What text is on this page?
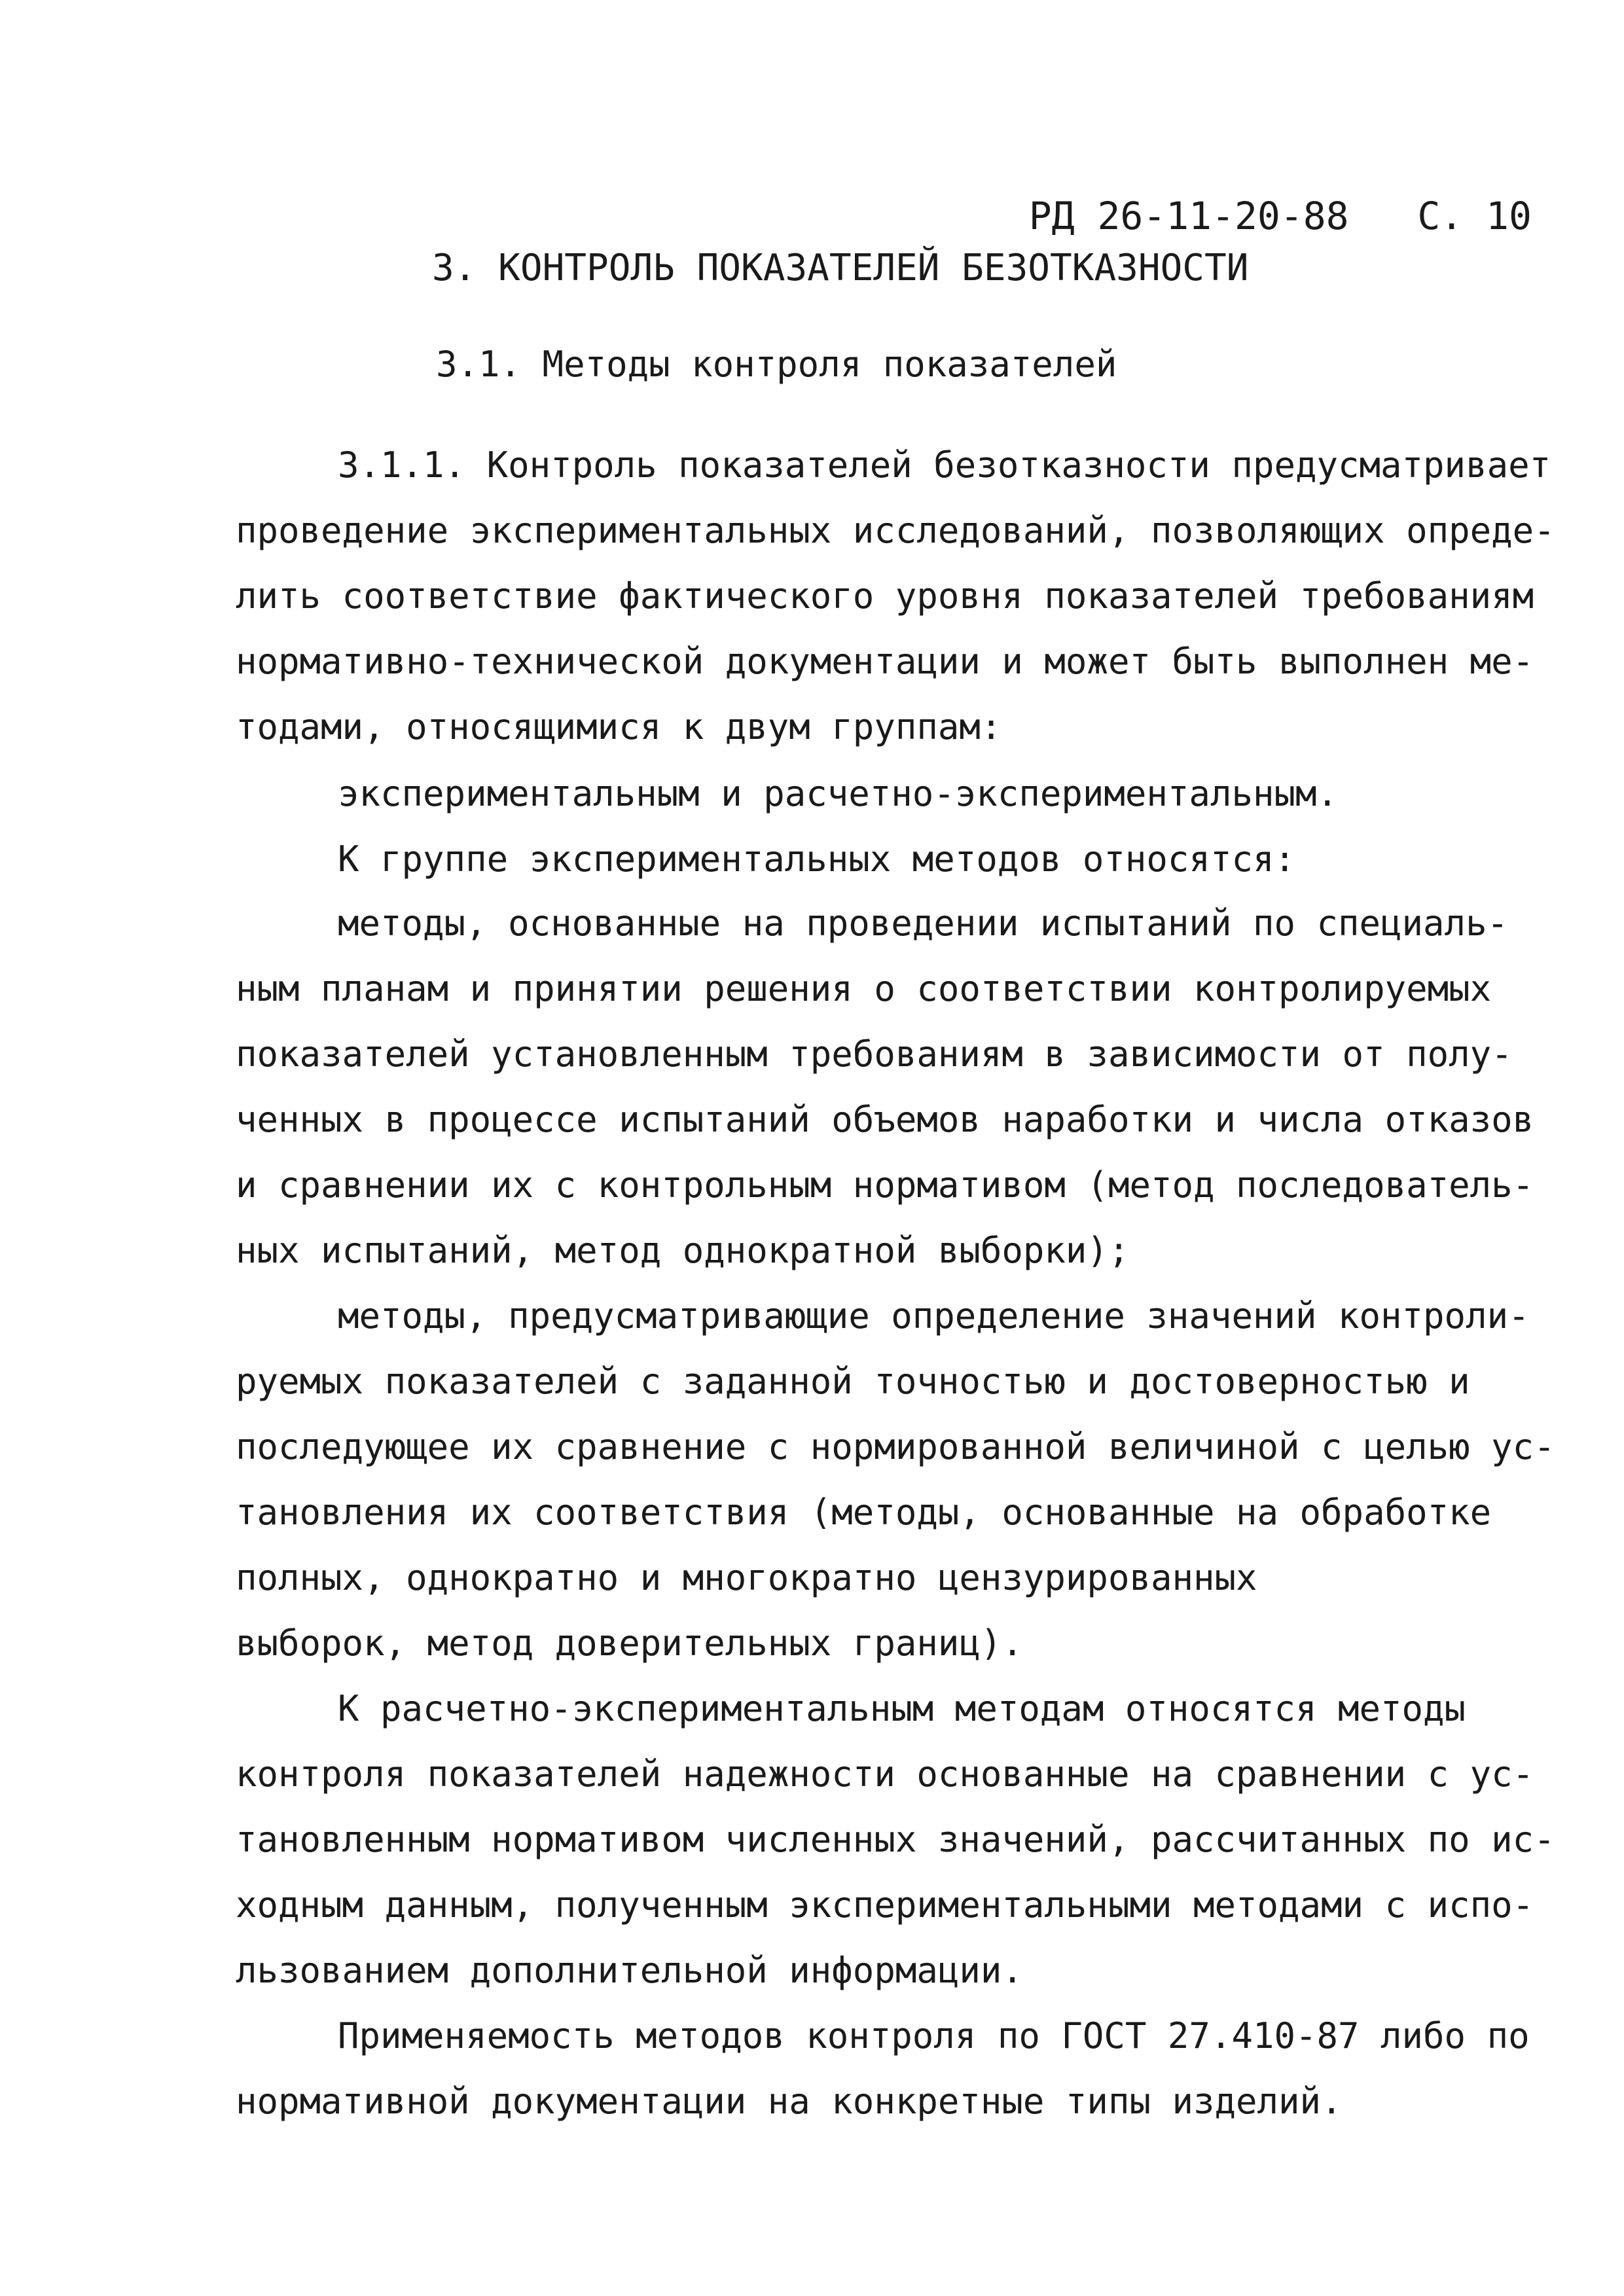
РД 26-11-20-88 С. 10

3. КОНТРОЛЬ ПОКАЗАТЕЛЕЙ БЕЗОТКАЗНОСТИ
3.1. Методы контроля показателей
3.1.1. Контроль показателей безотказности предусматривает
проведение экспериментальных исследований, позволяющих опреде-
лить соответствие фактического уровня показателей требованиям
нормативно-технической документации и может быть выполнен ме-
тодами, относящимися к двум группам:
экспериментальным и расчетно-экспериментальным.
К группе экспериментальных методов относятся:
методы, основанные на проведении испытаний по специаль-
ным планам и принятии решения о соответствии контролируемых
показателей установленным требованиям в зависимости от полу-
ченных в процессе испытаний объемов наработки и числа отказов
и сравнении их с контрольным нормативом (метод последователь-
ных испытаний, метод однократной выборки);
методы, предусматривающие определение значений контроли-
руемых показателей с заданной точностью и достоверностью и
последующее их сравнение с нормированной величиной с целью ус-
тановления их соответствия (методы, основанные на обработке
полных, однократно и многократно цензурированных
выборок, метод доверительных границ).
К расчетно-экспериментальным методам относятся методы
контроля показателей надежности основанные на сравнении с ус-
тановленным нормативом численных значений, рассчитанных по ис-
ходным данным, полученным экспериментальными методами с испо-
льзованием дополнительной информации.
Применяемость методов контроля по ГОСТ 27.410-87 либо по
нормативной документации на конкретные типы изделий.
